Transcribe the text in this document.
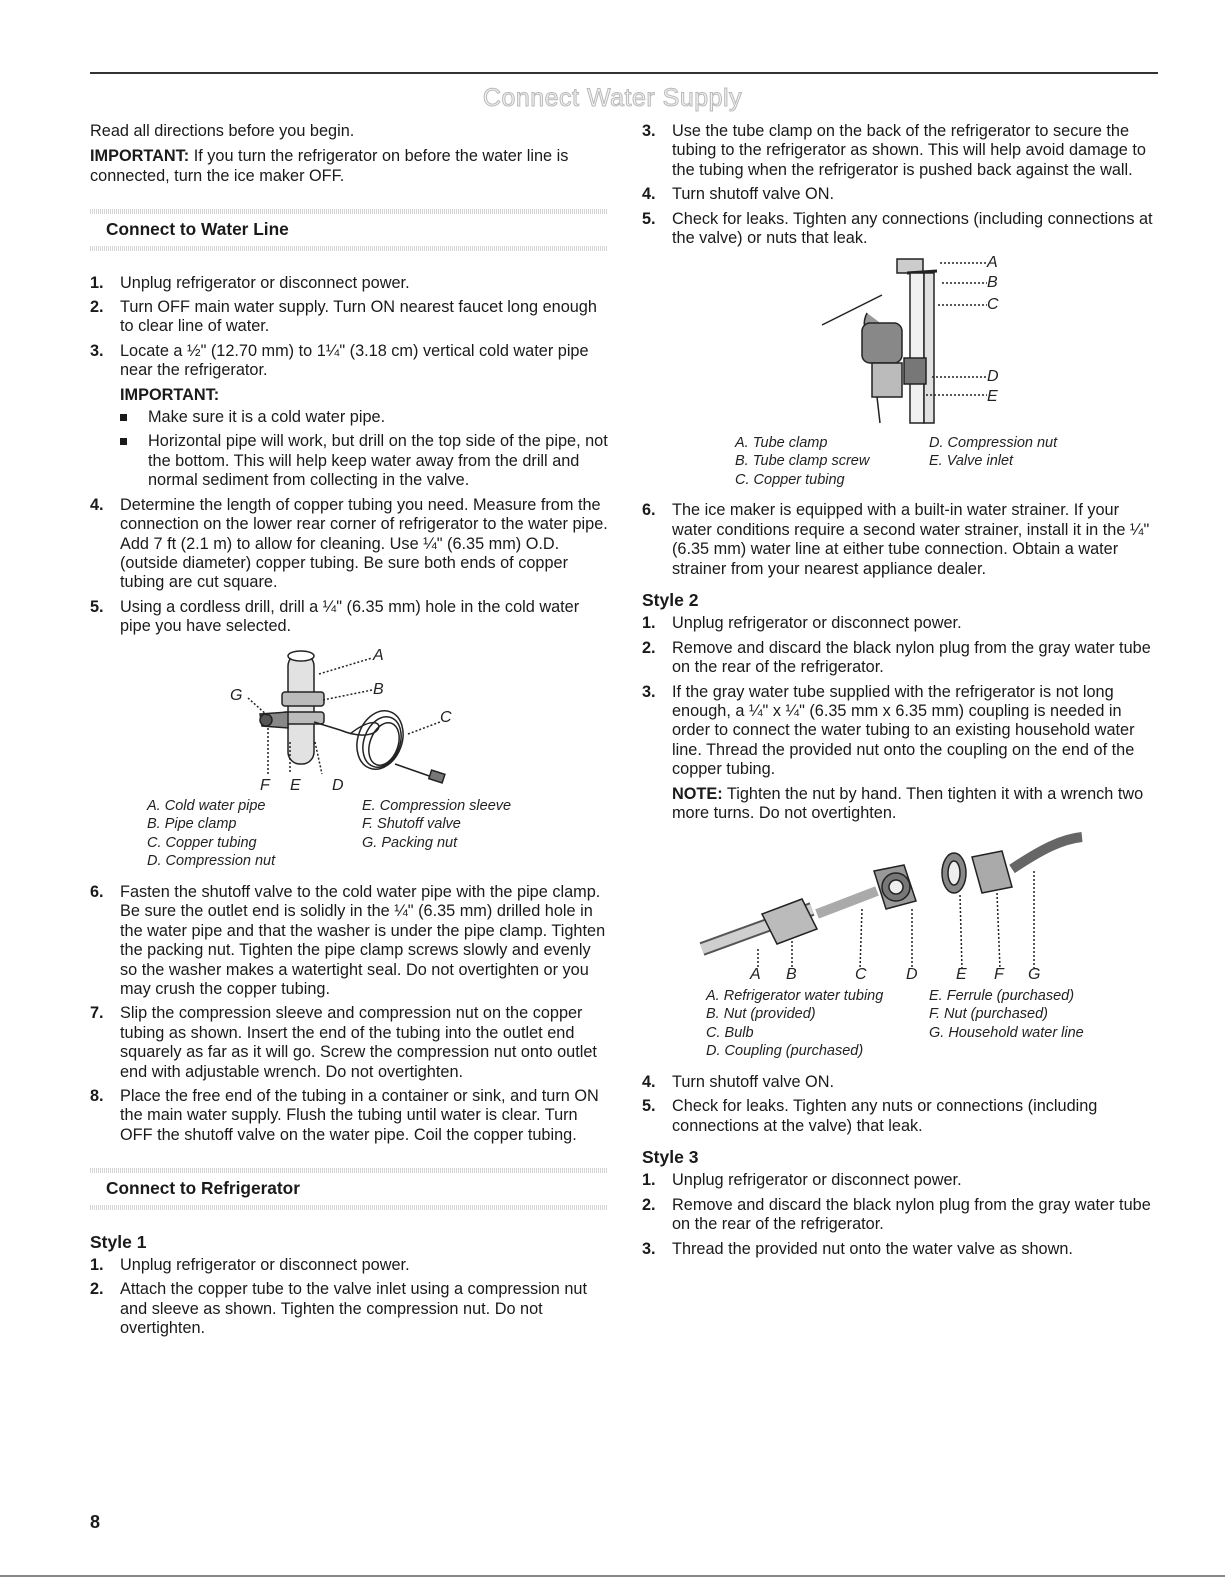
Connect Water Supply

Read all directions before you begin.

IMPORTANT: If you turn the refrigerator on before the water line is connected, turn the ice maker OFF.

Connect to Water Line
1. Unplug refrigerator or disconnect power.
2. Turn OFF main water supply. Turn ON nearest faucet long enough to clear line of water.
3. Locate a ½" (12.70 mm) to 1¼" (3.18 cm) vertical cold water pipe near the refrigerator.
IMPORTANT:
Make sure it is a cold water pipe.
Horizontal pipe will work, but drill on the top side of the pipe, not the bottom. This will help keep water away from the drill and normal sediment from collecting in the valve.
4. Determine the length of copper tubing you need. Measure from the connection on the lower rear corner of refrigerator to the water pipe. Add 7 ft (2.1 m) to allow for cleaning. Use ¼" (6.35 mm) O.D. (outside diameter) copper tubing. Be sure both ends of copper tubing are cut square.
5. Using a cordless drill, drill a ¼" (6.35 mm) hole in the cold water pipe you have selected.
A
B
C
D
E
F
G
A. Cold water pipe	E. Compression sleeve
B. Pipe clamp	F. Shutoff valve
C. Copper tubing	G. Packing nut
D. Compression nut
6. Fasten the shutoff valve to the cold water pipe with the pipe clamp. Be sure the outlet end is solidly in the ¼" (6.35 mm) drilled hole in the water pipe and that the washer is under the pipe clamp. Tighten the packing nut. Tighten the pipe clamp screws slowly and evenly so the washer makes a watertight seal. Do not overtighten or you may crush the copper tubing.
7. Slip the compression sleeve and compression nut on the copper tubing as shown. Insert the end of the tubing into the outlet end squarely as far as it will go. Screw the compression nut onto outlet end with adjustable wrench. Do not overtighten.
8. Place the free end of the tubing in a container or sink, and turn ON the main water supply. Flush the tubing until water is clear. Turn OFF the shutoff valve on the water pipe. Coil the copper tubing.
Connect to Refrigerator
Style 1
1. Unplug refrigerator or disconnect power.
2. Attach the copper tube to the valve inlet using a compression nut and sleeve as shown. Tighten the compression nut. Do not overtighten.
3. Use the tube clamp on the back of the refrigerator to secure the tubing to the refrigerator as shown. This will help avoid damage to the tubing when the refrigerator is pushed back against the wall.
4. Turn shutoff valve ON.
5. Check for leaks. Tighten any connections (including connections at the valve) or nuts that leak.
A
B
C
D
E
A. Tube clamp	D. Compression nut
B. Tube clamp screw	E. Valve inlet
C. Copper tubing
6. The ice maker is equipped with a built-in water strainer. If your water conditions require a second water strainer, install it in the ¼" (6.35 mm) water line at either tube connection. Obtain a water strainer from your nearest appliance dealer.
Style 2
1. Unplug refrigerator or disconnect power.
2. Remove and discard the black nylon plug from the gray water tube on the rear of the refrigerator.
3. If the gray water tube supplied with the refrigerator is not long enough, a ¼" x ¼" (6.35 mm x 6.35 mm) coupling is needed in order to connect the water tubing to an existing household water line. Thread the provided nut onto the coupling on the end of the copper tubing.

NOTE: Tighten the nut by hand. Then tighten it with a wrench two more turns. Do not overtighten.

A B	C D E F G
A. Refrigerator water tubing	E. Ferrule (purchased)
B. Nut (provided)	F. Nut (purchased)
C. Bulb	G. Household water line
D. Coupling (purchased)
4. Turn shutoff valve ON.
5. Check for leaks. Tighten any nuts or connections (including connections at the valve) that leak.
Style 3
1. Unplug refrigerator or disconnect power.
2. Remove and discard the black nylon plug from the gray water tube on the rear of the refrigerator.
3. Thread the provided nut onto the water valve as shown.
8
